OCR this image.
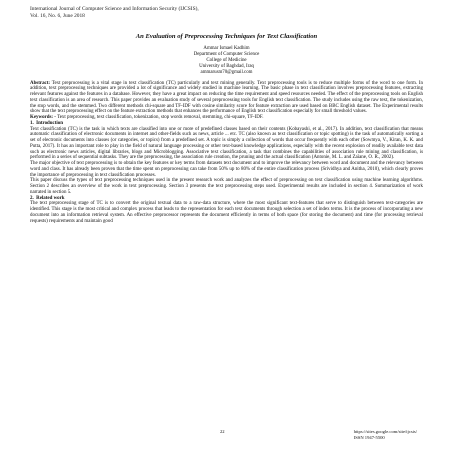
International Journal of Computer Science and Information Security (IJCSIS),
Vol. 16, No. 6, June 2018
An Evaluation of Preprocessing Techniques for Text Classification
Ammar Ismael Kadhim
Department of Computer Science
College of Medicine
University of Baghdad, Iraq
ammarusm70@gmail.com

Abstract: Text preprocessing is a vital stage in text classification (TC) particularly and text mining generally. Text preprocessing tools is to reduce multiple forms of the word to one form. In addition, text preprocessing techniques are provided a lot of significance and widely studied in machine learning. The basic phase in text classification involves preprocessing features, extracting relevant features against the features in a database. However, they have a great impact on reducing the time requirement and speed resources needed. The effect of the preprocessing tools on English text classification is an area of research. This paper provides an evaluation study of several preprocessing tools for English text classification. The study includes using the raw text, the tokenization, the stop words, and the stemmed. Two different methods chi-square and TF-IDF with cosine similarity score for feature extraction are used based on BBC English dataset. The Experimental results show that the text preprocessing effect on the feature extraction methods that enhances the performance of English text classification especially for small threshold values.

Keywords: - Text preprocessing, text classification, tokenization, stop words removal, stemming, chi-square, TF-IDF.

1.  Introduction

Text classification (TC) is the task in which texts are classified into one or more of predefined classes based on their contents (Kobayashi, et al., 2017). In addition, text classification that means automatic classification of electronic documents in internet and other-fields such as news, article ... etc. TC (also known as text classification or topic spotting) is the task of automatically sorting a set of electronic documents into classes (or categories, or topics) from a predefined set. A topic is simply a collection of words that occur frequently with each other (Sowmya, V., Kiran, K. K. and Putta, 2017). It has an important role to play in the field of natural language processing or other text-based knowledge applications, especially with the recent explosion of readily available text data such as electronic news articles, digital libraries, blogs and Microblogging. Associative text classification, a task that combines the capabilities of association rule mining and classification, is performed in a series of sequential subtasks. They are the preprocessing, the association rule creation, the pruning and the actual classification (Antonie, M. L. and Zaïane, O. R., 2002).

The major objective of text preprocessing is to obtain the key features or key terms from datasets text document and to improve the relevancy between word and document and the relevancy between word and class. It has already been proven that the time spent on preprocessing can take from 50% up to 80% of the entire classification process (Srividhya and Anitha, 2010), which clearly proves the importance of preprocessing in text classification processes.

This paper discuss the types of text preprocessing techniques used in the present research work and analyzes the effect of preprocessing on text classification using machine learning algorithms. Section 2 describes an overview of the work in text preprocessing. Section 3 presents the text preprocessing steps used. Experimental results are included in section 4. Summarization of work narrated in section 5.

2.  Related work

The text preprocessing stage of TC is to convert the original textual data to a raw-data structure, where the most significant text-features that serve to distinguish between text-categories are identified. This stage is the most critical and complex process that leads to the representation for each text documents through selection a set of index terms. It is the process of incorporating a new document into an information retrieval system. An effective preprocessor represents the document efficiently in terms of both space (for storing the document) and time (for processing retrieval requests) requirements and maintain good

22	https://sites.google.com/site/ijcsis/
ISSN 1947-5500
